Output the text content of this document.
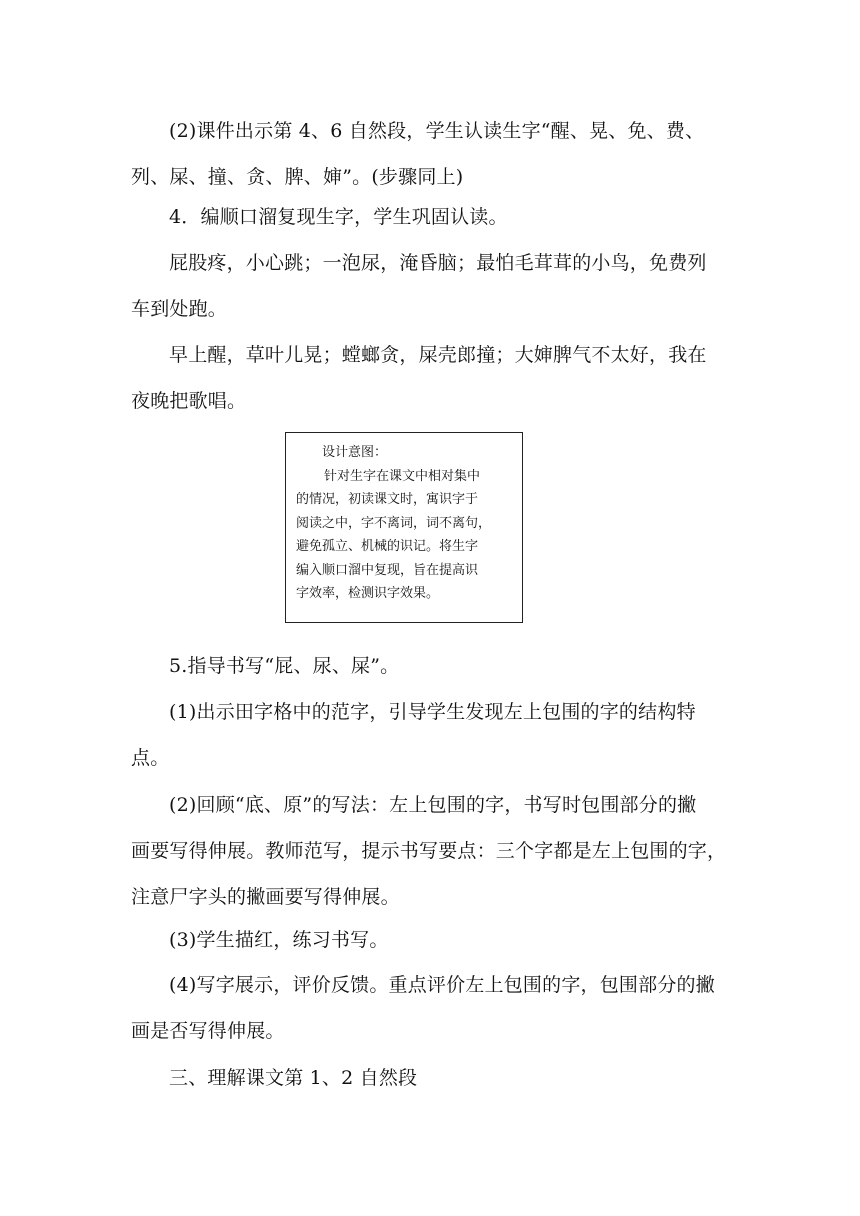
(2)课件出示第 4、6 自然段，学生认读生字“醒、晃、免、费、
列、屎、撞、贪、脾、婶”。(步骤同上)

4．编顺口溜复现生字，学生巩固认读。

屁股疼，小心跳；一泡尿，淹昏脑；最怕毛茸茸的小鸟，免费列
车到处跑。

早上醒，草叶儿晃；螳螂贪，屎壳郎撞；大婶脾气不太好，我在
夜晚把歌唱。

设计意图：
针对生字在课文中相对集中
的情况，初读课文时，寓识字于
阅读之中，字不离词，词不离句，
避免孤立、机械的识记。将生字
编入顺口溜中复现，旨在提高识
字效率，检测识字效果。

5.指导书写“屁、尿、屎”。

(1)出示田字格中的范字，引导学生发现左上包围的字的结构特
点。

(2)回顾“底、原”的写法：左上包围的字，书写时包围部分的撇
画要写得伸展。教师范写，提示书写要点：三个字都是左上包围的字，
注意尸字头的撇画要写得伸展。

(3)学生描红，练习书写。

(4)写字展示，评价反馈。重点评价左上包围的字，包围部分的撇
画是否写得伸展。

三、理解课文第 1、2 自然段
